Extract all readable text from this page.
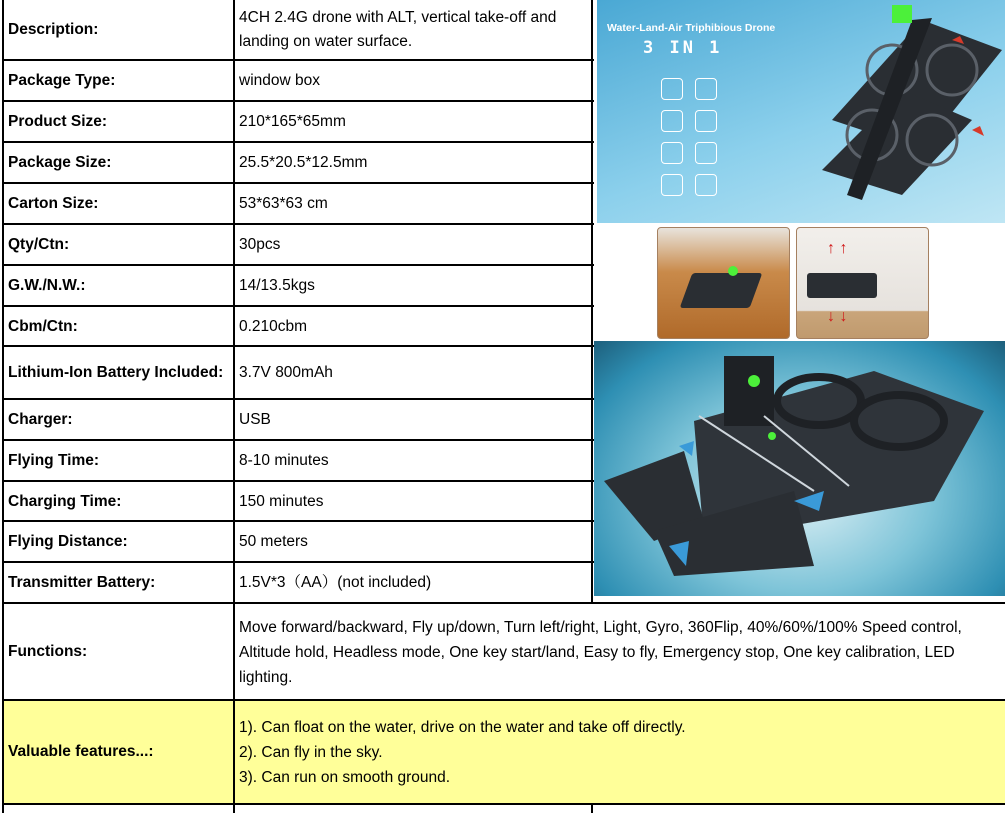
Description:
4CH 2.4G drone with ALT, vertical take-off and landing on water surface.
Package Type:	window box
Product Size:	210*165*65mm
Package Size:	25.5*20.5*12.5mm
Carton Size:	53*63*63 cm
Qty/Ctn:	30pcs
G.W./N.W.:	14/13.5kgs
Cbm/Ctn:	0.210cbm
Lithium-Ion Battery Included:	3.7V 800mAh
Charger:	USB
Flying Time:	8-10 minutes
Charging Time:	150 minutes
Flying Distance:	50 meters
Transmitter Battery:	1.5V*3（AA）(not included)
Functions:
Move forward/backward, Fly up/down, Turn left/right, Light, Gyro, 360Flip, 40%/60%/100% Speed control, Altitude hold, Headless mode, One key start/land, Easy to fly, Emergency stop, One key calibration, LED lighting.
Valuable features...:
1). Can float on the water, drive on the water and take off directly.
2). Can fly in the sky.
3). Can run on smooth ground.
Water-Land-Air Triphibious Drone
3 IN 1
↑ ↑
↓ ↓
